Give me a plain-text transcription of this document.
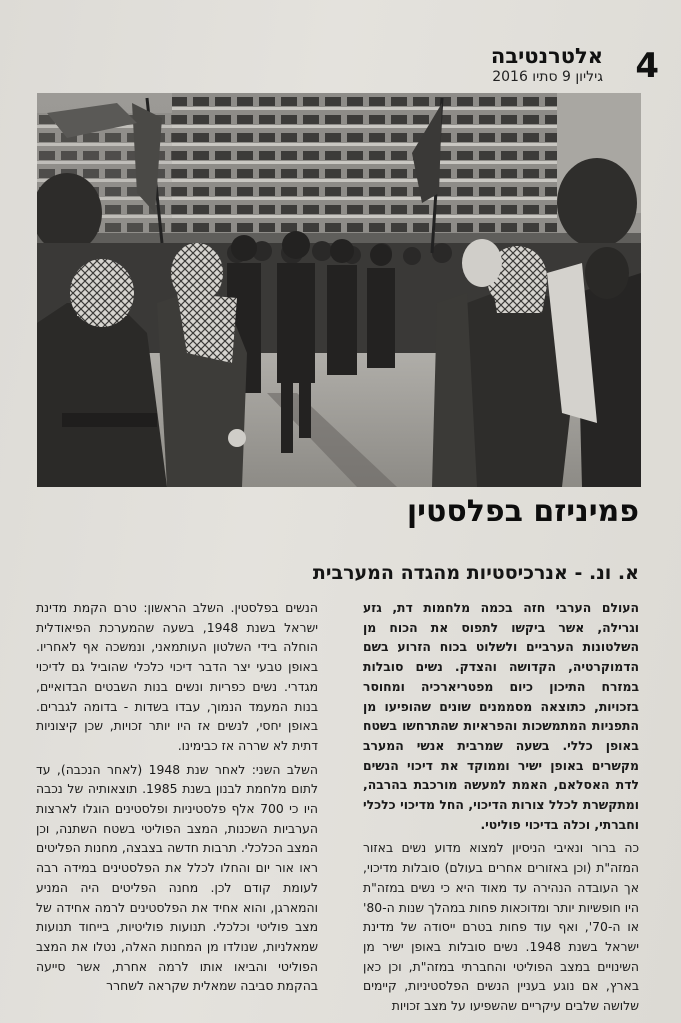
4
אלטרנטיבה
גיליון 9 סתיו 2016
פמיניזם בפלסטין
א. ונ. - אנרכיסטיות מהגדה המערבית

העולם הערבי חזה בכמה מלחמות דת, גזע וגרילה, אשר ביקשו לתפוס את הכוח מן השלטונות הערביים ולשלוט בכוח הזרוע בשם הדמוקרטיה, הקדושה והצדק. נשים סובלות במזרח התיכון כיום מפטריארכיה ומחוסר בזכויות, כתוצאה מסממנים שונים שהופיעו מן התפניות המתמשכות והפראיות שהתרחשו בשטח באופן כללי. בשעה שמרבית אנשי המערב מקשרים באופן ישיר וממוקד את דיכוי הנשים לדת האסלאם, האמת למעשה מורכבת בהרבה, ומתקשרת לכלל צורות הדיכוי, החל מדיכוי כלכלי וחברתי, וכלה בדיכוי פוליטי.

כה ברור ונאיבי הניסיון למצוא מדוע נשים באזור המזה"ת (וכן באזורים אחרים בעולם) סובלות מדיכוי, אך העובדה הנהירה עד מאוד היא כי נשים במזה"ת היו חופשיות יותר ומדוכאות פחות במהלך שנות ה-80' או ה-70', ואף עוד פחות בטרם ייסודה של מדינת ישראל בשנת 1948. נשים סובלות באופן ישיר מן השינויים במצב הפוליטי והחברתי במזה"ת, וכן כאן בארץ, אם נוגע בעניין הנשים הפלסטיניות, קיימים שלושה שלבים עיקריים שהשפיעו על מצב זכויות

הנשים בפלסטין. השלב הראשון: טרם הקמת מדינת ישראל בשנת 1948, בשעה שהמערכת הפיאודלית הוחלה בידי השלטון העותמאני, ונמשכה אף לאחריו. באופן טבעי יצר הדבר דיכוי כלכלי שהוביל גם לדיכוי מגדרי. נשים כפריות ונשים בנות השבטים הבדואיים, בנות המעמד הנמוך, עבדו בשדות - בדומה לגברים. באופן יחסי, לנשים אז היו יותר זכויות, שכן קיצוניות דתית לא שררה אז כבימינו.

השלב השני: לאחר שנת 1948 (לאחר הנכבה), עד לתום מלחמת לבנון בשנת 1985. תוצאותיה של נכבה היו כי 700 אלף פלסטיניות ופלסטינים הוגלו לארצות הערביות השכנות, המצב הפוליטי בשטח השתנה, וכן המצב הכלכלי. תרבות חדשה בצבצה, מחנות הפליטים ראו אור יום והחלו לכלל את הפלסטינים במידה רבה לעומת קודם לכן. מחנה הפליטים היה המניע והמארגן, והוא אחיד את הפלסטינים לרמה אחידה של מצב פוליטי וכלכלי. תנועות פוליטיות, בייחוד תנועות שמאלניות, שנולדו מן המחנות האלה, נטלו את המצב הפוליטי והביאו אותו לרמה אחרת, אשר סייעה בהקמת סביבה שמאלית שקראה לשחרר
